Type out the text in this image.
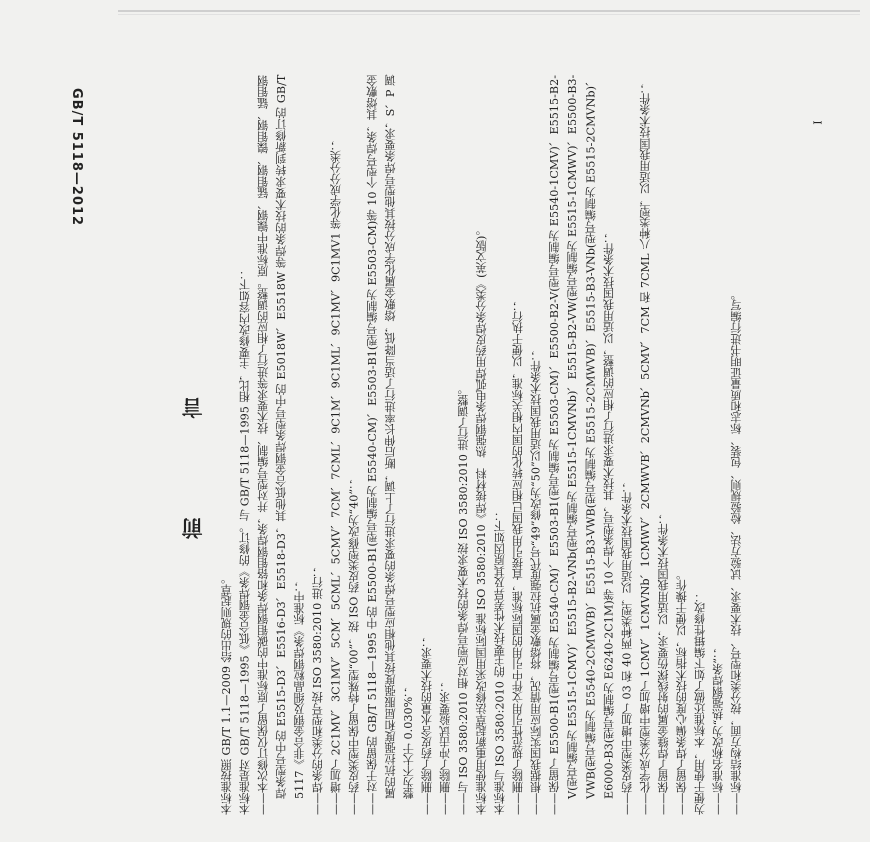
GB/T 5118—2012
前 言
本标准按照 GB/T 1.1—2009 给出的规则起草。 本标准是对 GB/T 5118—1995《低合金钢焊条》的修订。与 GB/T 5118—1995 相比，主要修改内容如下： ——本次修订仅保留了原标准中的碳钼钢焊条和铬钼钢焊条，并对型号编制、技术要求等进行了相应的调整。原标准中镍钢、锰钼钢、镍钼钢、锰钼钢焊条型号中的 E5515-D3、E5516-D3、E5518-D3，其他低合金钢焊条型号中的 E5018W、E5518W 等焊条的技术要求转到新修订的 GB/T 5117《非合金钢及细晶粒钢焊条》标准中； ——焊条的分类和型号按 ISO 3580:2010 进行； ——增加了 2C1MV、3C1MV、5CM、5CML、5CMV、7CM、7CML、9C1M、9C1ML、9C1MV、9C1MV1 等化学成分分类； ——药皮类型中保留了特殊型“00”，按 ISO 药皮类型修改为“40”； ——对于保留的 GB/T 5118—1995 中的 E5500-B1(型号编制为 E5540-CM)、E5503-B1(型号编制为 E5503-CM)等 10 个型号焊条，其熔敷金属的抗拉强度和屈服强度按其他相应型号焊条的要求进行了上调，断后伸长率进行了适当降低，熔敷金属化学成分按其他型号焊条要求，S、P 调整为不大于 0.030%； ——删除了药皮含水量的技术要求； ——删除了冲击试验要求； ——与 ISO 3580:2010 相对应型号焊条的技术要求按 ISO 3580:2010 进行了调整。 本标准使用重新起草法修改采用国际标准 ISO 3580:2010《焊接材料　热强钢焊条电弧焊用药皮焊条分类》(英文版)。 本标准与 ISO 3580:2010 的主要技术性差异及其原因如下： ——删除了规范性引用文件中引用的国际标准，直接引用我国已相应转化的国内相关标准，以便于执行； ——根据我国实际应用情况，将熔敷金属抗拉强度代号“49”修改为“50”以适用我国技术条件； ——保留了 E5500-B1(型号编制为 E5540-CM)、E5503-B1(型号编制为 E5503-CM)、E5500-B2-V(型号编制为 E5540-1CMV)、E5515-B2-V(型号编制为 E5515-1CMV)、E5515-B2-VNb(型号编制为 E5515-1CMVNb)、E5515-B2-VW(型号编制为 E5515-1CMWV)、E5500-B3-VWB(型号编制为 E5540-2CMWVB)、E5515-B3-VWB(型号编制为 E5515-2CMWVB)、E5515-B3-VNb(型号编制为 E5515-2CMVNb)、E6000-B3(型号编制为 E6240-2C1M)等 10 个焊条型号，其技术要求进行了相应的调整，以适用我国技术条件； ——药皮类型中增加了 03 和 40 两种类型，以适用我国技术条件； ——化学成分类型中增加了 1CMV、1CMVNb、1CMWV、2CMWVB、2CMVNb、5CMV、7CM 和 7CML 八种类型，以适用我国技术条件； ——保留了焊缝金属的射线探伤要求，以适用我国技术条件； ——保留了焊条偏心度的技术指标，以便于操作。 为便于使用，本标准还做了如下编辑性修改： ——标准名称改为“热强钢焊条”； ——标准结构方面，按分类和型号、技术要求、试验方法、检验规则、包装、标志和质量证明书进行编写。
I
